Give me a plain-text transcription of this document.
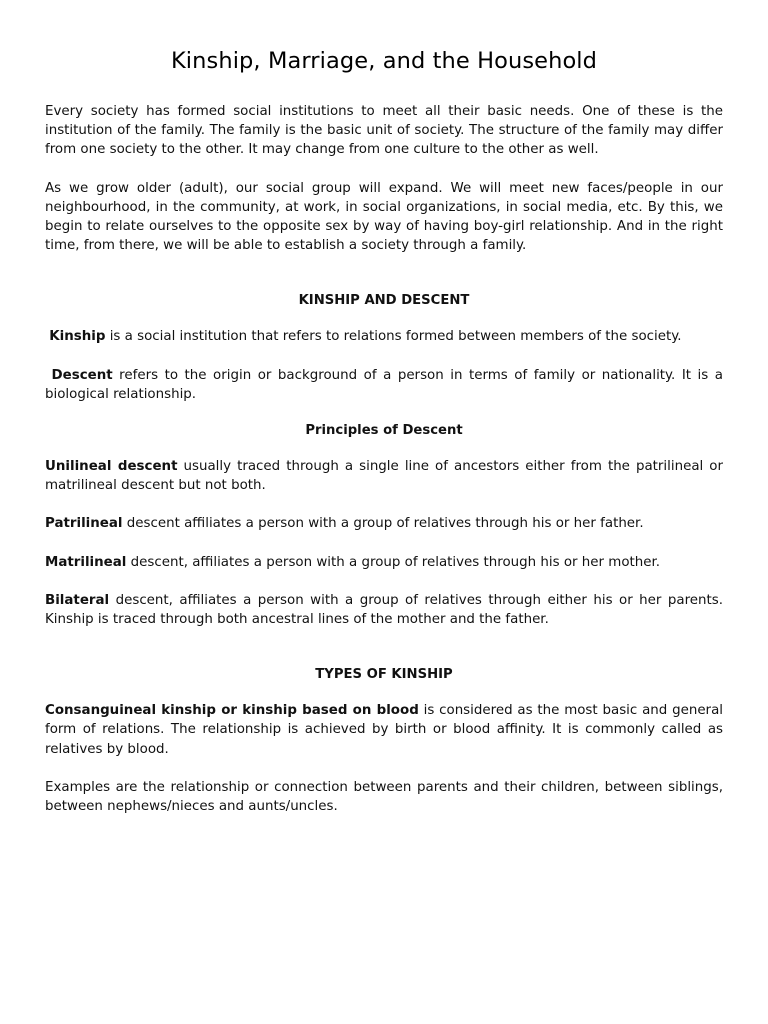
Kinship, Marriage, and the Household

Every society has formed social institutions to meet all their basic needs. One of these is the institution of the family. The family is the basic unit of society. The structure of the family may differ from one society to the other. It may change from one culture to the other as well.

As we grow older (adult), our social group will expand. We will meet new faces/people in our neighbourhood, in the community, at work, in social organizations, in social media, etc. By this, we begin to relate ourselves to the opposite sex by way of having boy-girl relationship. And in the right time, from there, we will be able to establish a society through a family.

KINSHIP AND DESCENT

Kinship is a social institution that refers to relations formed between members of the society.

Descent refers to the origin or background of a person in terms of family or nationality. It is a biological relationship.

Principles of Descent

Unilineal descent usually traced through a single line of ancestors either from the patrilineal or matrilineal descent but not both.

Patrilineal descent affiliates a person with a group of relatives through his or her father.

Matrilineal descent, affiliates a person with a group of relatives through his or her mother.

Bilateral descent, affiliates a person with a group of relatives through either his or her parents. Kinship is traced through both ancestral lines of the mother and the father.

TYPES OF KINSHIP

Consanguineal kinship or kinship based on blood is considered as the most basic and general form of relations. The relationship is achieved by birth or blood affinity. It is commonly called as relatives by blood.

Examples are the relationship or connection between parents and their children, between siblings, between nephews/nieces and aunts/uncles.
